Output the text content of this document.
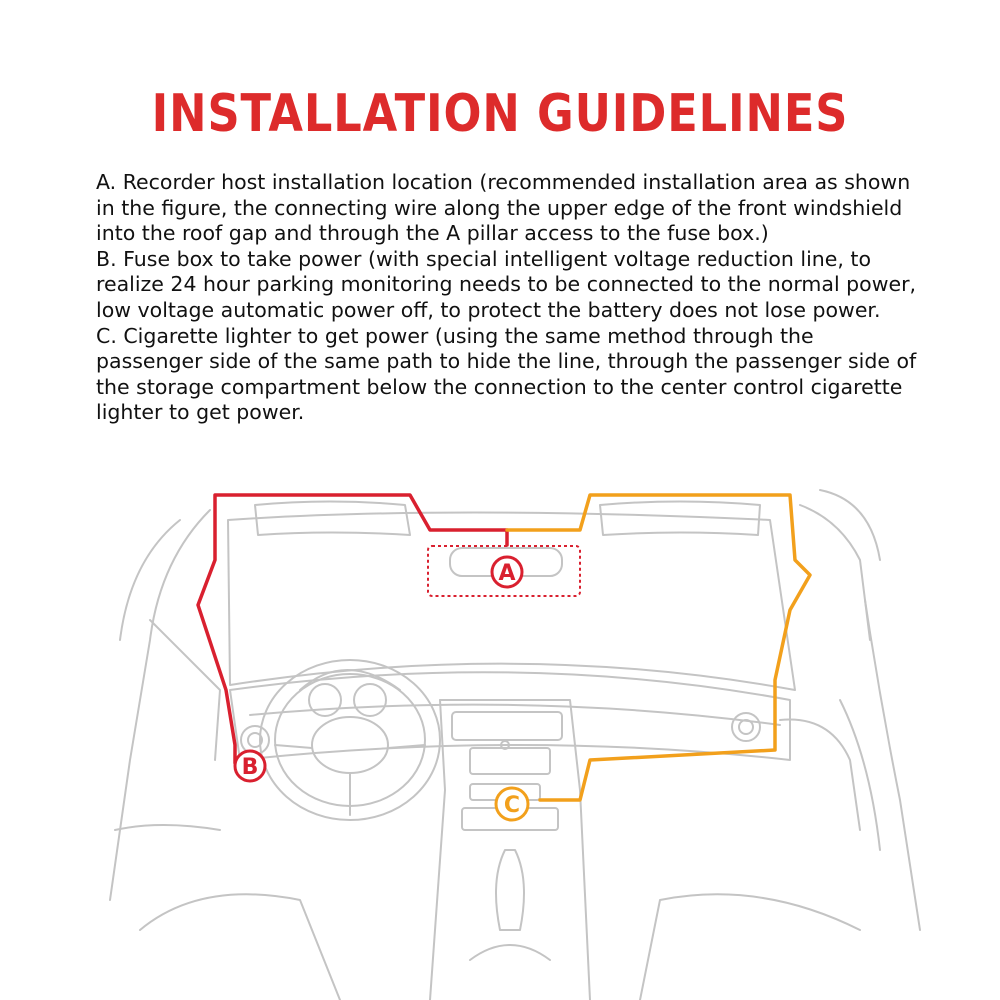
INSTALLATION GUIDELINES

A. Recorder host installation location (recommended installation area as shown in the figure, the connecting wire along the upper edge of the front windshield into the roof gap and through the A pillar access to the fuse box.)

B. Fuse box to take power (with special intelligent voltage reduction line, to realize 24 hour parking monitoring needs to be connected to the normal power, low voltage automatic power off, to protect the battery does not lose power.

C. Cigarette lighter to get power (using the same method through the passenger side of the same path to hide the line, through the passenger side of the storage compartment below the connection to the center control cigarette lighter to get power.

A
B
C
